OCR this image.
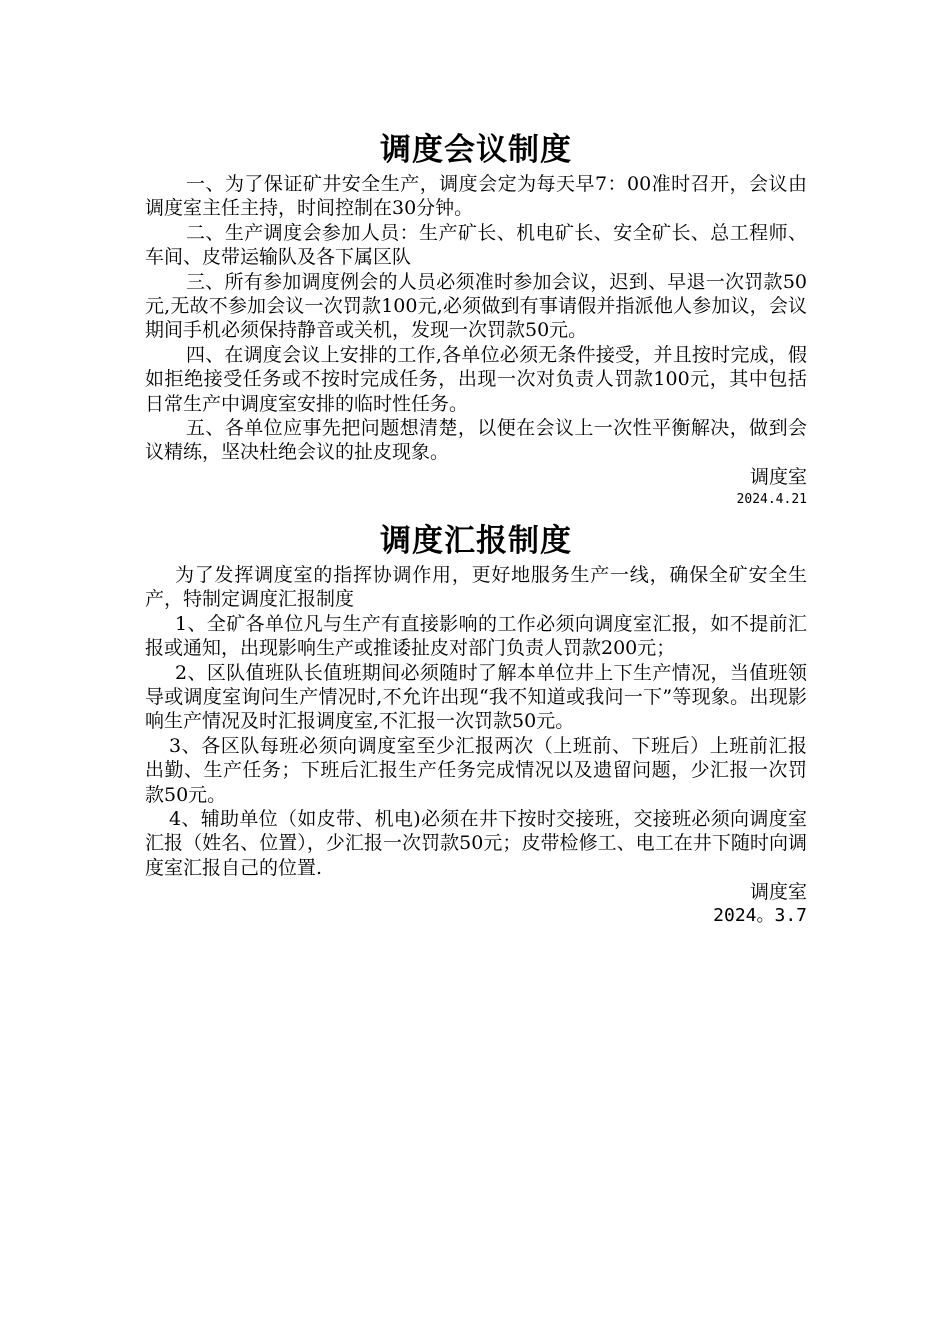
调度会议制度

一、为了保证矿井安全生产，调度会定为每天早7：00准时召开，会议由调度室主任主持，时间控制在30分钟。

二、生产调度会参加人员：生产矿长、机电矿长、安全矿长、总工程师、车间、皮带运输队及各下属区队

三、所有参加调度例会的人员必须准时参加会议，迟到、早退一次罚款50元,无故不参加会议一次罚款100元,必须做到有事请假并指派他人参加议，会议期间手机必须保持静音或关机，发现一次罚款50元。

四、在调度会议上安排的工作,各单位必须无条件接受，并且按时完成，假如拒绝接受任务或不按时完成任务，出现一次对负责人罚款100元，其中包括日常生产中调度室安排的临时性任务。

五、各单位应事先把问题想清楚，以便在会议上一次性平衡解决，做到会议精练，坚决杜绝会议的扯皮现象。

调度室

2024.4.21

调度汇报制度

为了发挥调度室的指挥协调作用，更好地服务生产一线，确保全矿安全生产，特制定调度汇报制度

1、全矿各单位凡与生产有直接影响的工作必须向调度室汇报，如不提前汇报或通知，出现影响生产或推诿扯皮对部门负责人罚款200元；

2、区队值班队长值班期间必须随时了解本单位井上下生产情况，当值班领导或调度室询问生产情况时,不允许出现“我不知道或我问一下”等现象。出现影响生产情况及时汇报调度室,不汇报一次罚款50元。

3、各区队每班必须向调度室至少汇报两次（上班前、下班后）上班前汇报出勤、生产任务；下班后汇报生产任务完成情况以及遗留问题，少汇报一次罚款50元。

4、辅助单位（如皮带、机电)必须在井下按时交接班，交接班必须向调度室汇报（姓名、位置），少汇报一次罚款50元；皮带检修工、电工在井下随时向调度室汇报自己的位置.

调度室

2024。3.7
